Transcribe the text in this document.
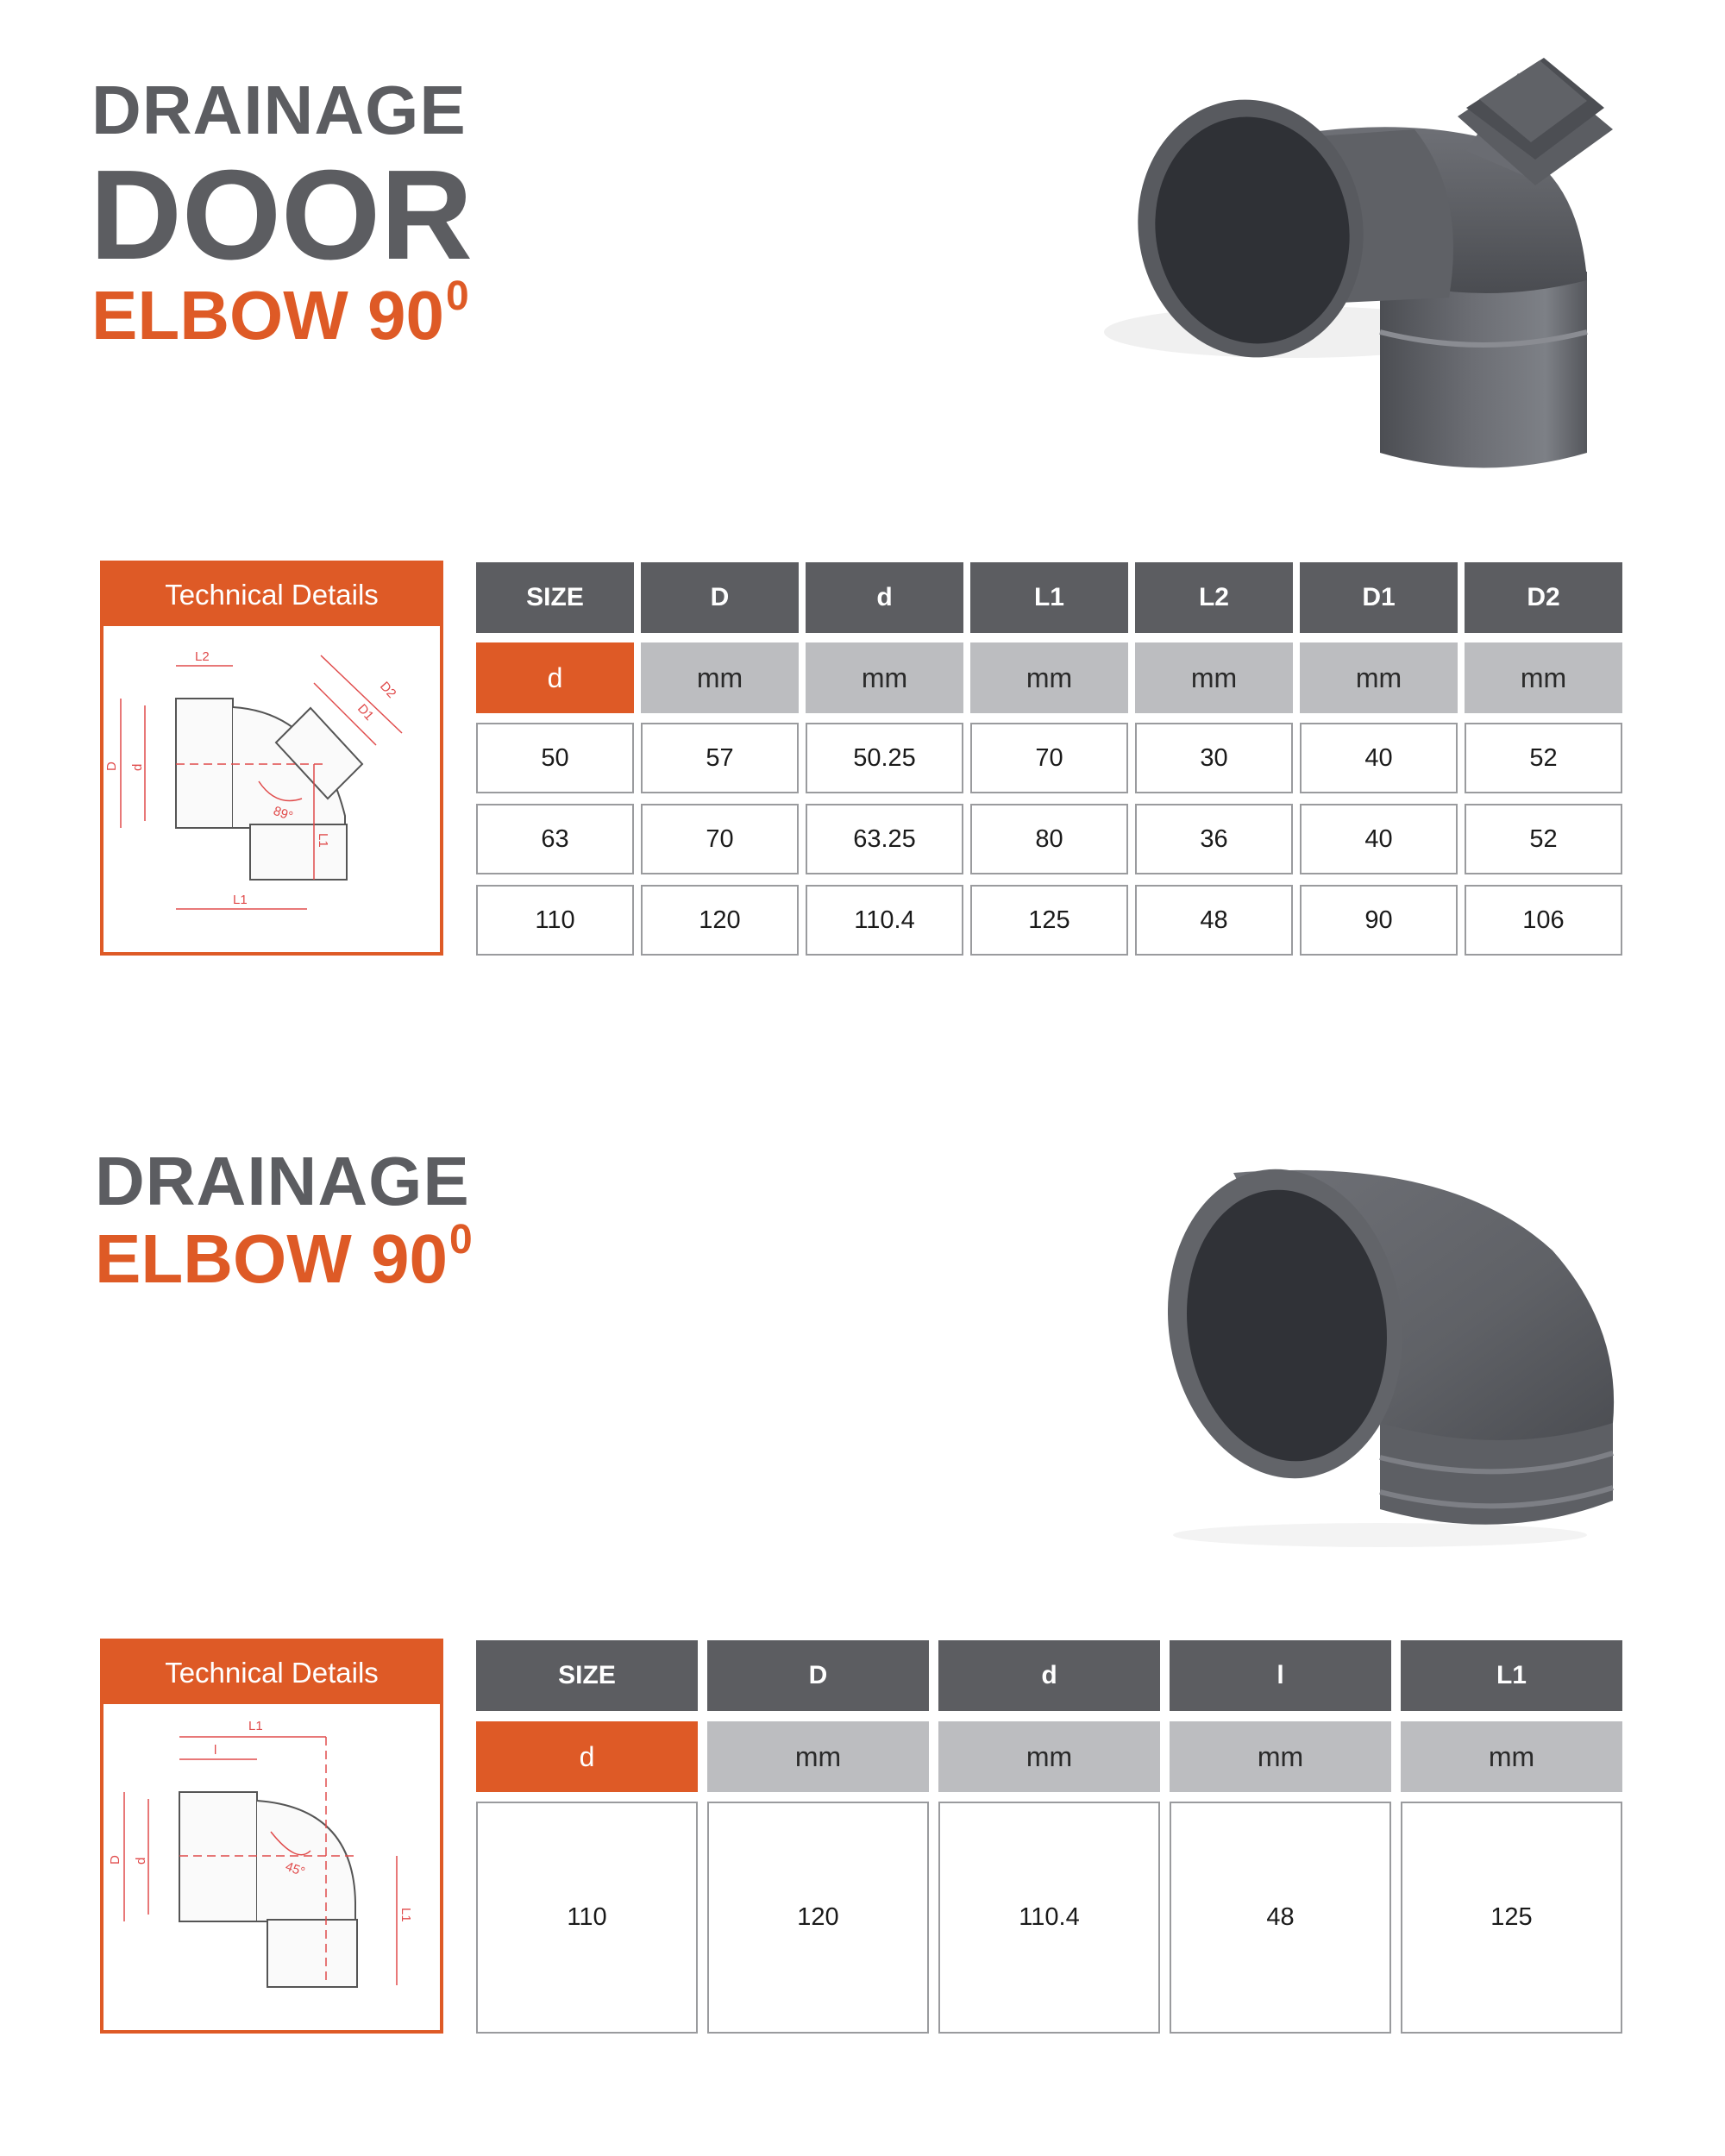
DRAINAGE
DOOR
ELBOW $90^0$
Technical Details
L2
D2
D1
D d
89°
L1
L1
SIZE
d
50
63
110
D
mm
57
70
120
d
mm
50.25
63.25
110.4
L1
mm
70
80
125
L2
mm
30
36
48
D1
mm
40
40
90
D2
mm
52
52
106
DRAINAGE
ELBOW $90^0$
Technical Details
L1
l
D d	45°
L1
SIZE
d
110
D
mm
120
d
mm
110.4
l
mm
48
L1
mm
125
